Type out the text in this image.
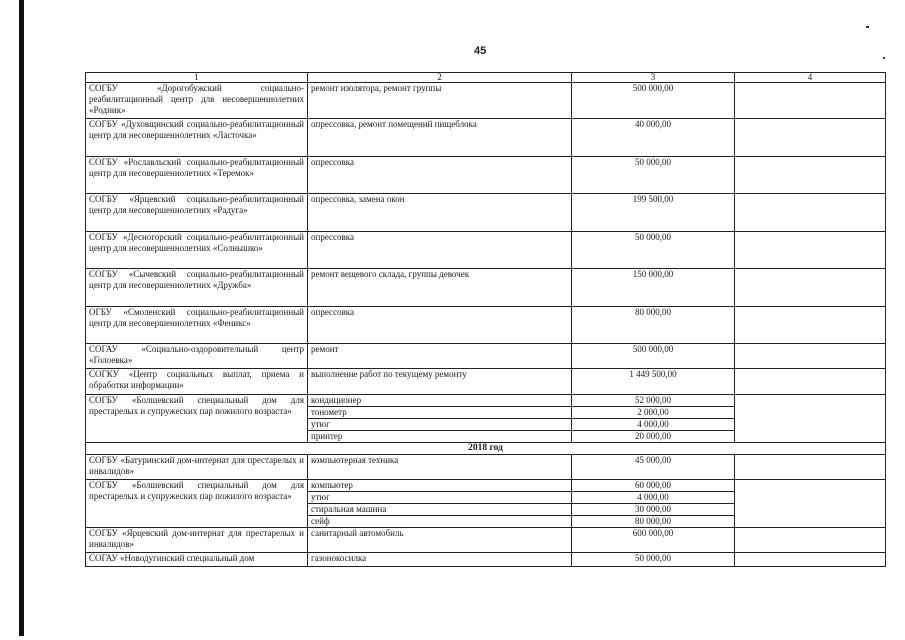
45
1	2	3	4
СОГБУ «Дорогобужский социально-реабилитационный центр для несовершеннолетних «Родник»	ремонт изолятора, ремонт группы	500 000,00	
СОГБУ «Духовщинский социально-реабилитационный центр для несовершеннолетних «Ласточка»	опрессовка, ремонт помещений пищеблока	40 000,00	
СОГБУ «Рославльский социально-реабилитационный центр для несовершеннолетних «Теремок»	опрессовка	50 000,00	
СОГБУ «Ярцевский социально-реабилитационный центр для несовершеннолетних «Радуга»	опрессовка, замена окон	199 500,00	
СОГБУ «Десногорский социально-реабилитационный центр для несовершеннолетних «Солнышко»	опрессовка	50 000,00	
СОГБУ «Сычевский социально-реабилитационный центр для несовершеннолетних «Дружба»	ремонт вещевого склада, группы девочек	150 000,00	
ОГБУ «Смоленский социально-реабилитационный центр для несовершеннолетних «Феникс»	опрессовка	80 000,00	
СОГАУ «Социально-оздоровительный центр «Голоевка»	ремонт	500 000,00	
СОГКУ «Центр социальных выплат, приема и обработки информации»	выполнение работ по текущему ремонту	1 449 500,00	
СОГБУ «Болшевский специальный дом для престарелых и супружеских пар пожилого возраста»	кондиционер	52 000,00	
	тонометр	2 000,00	
	утюг	4 000,00	
	принтер	20 000,00	
2018 год			
СОГБУ «Батуринский дом-интернат для престарелых и инвалидов»	компьютерная техника	45 000,00	
СОГБУ «Болшевский специальный дом для престарелых и супружеских пар пожилого возраста»	компьютер	60 000,00	
	утюг	4 000,00	
	стиральная машина	30 000,00	
	сейф	80 000,00	
СОГБУ «Ярцевский дом-интернат для престарелых и инвалидов»	санитарный автомобиль	600 000,00	
СОГАУ «Новодугинский специальный дом	газонокосилка	50 000,00	
